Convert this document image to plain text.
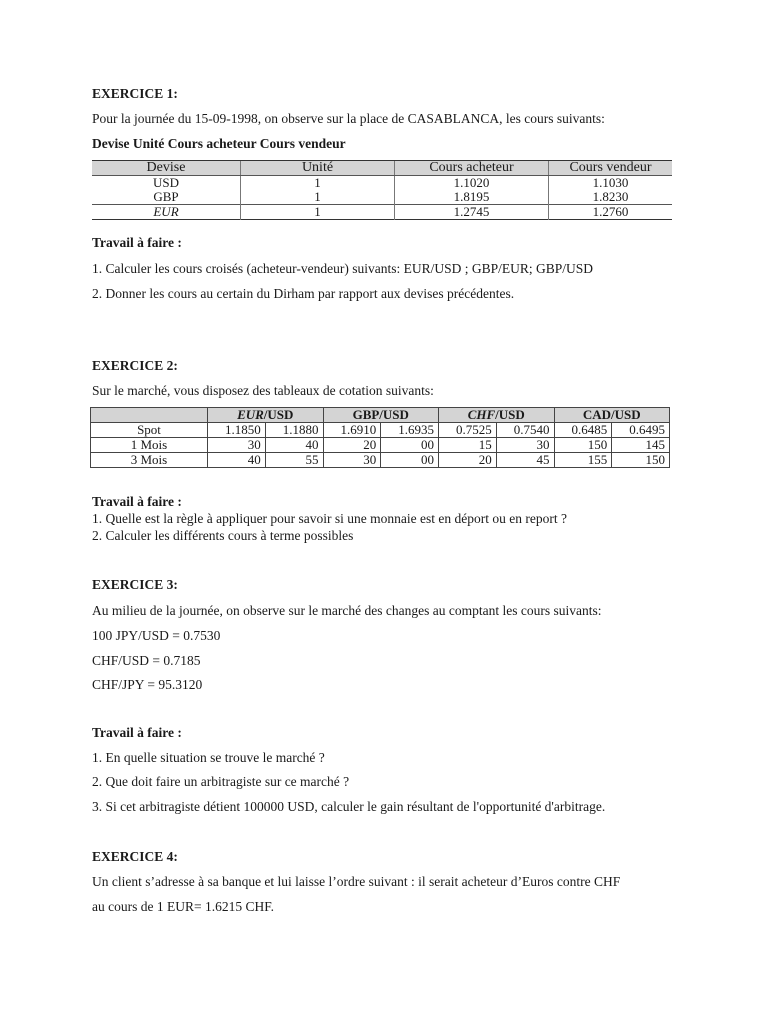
EXERCICE 1:
Pour la journée du 15-09-1998, on observe sur la place de CASABLANCA, les cours suivants:
Devise Unité Cours acheteur Cours vendeur
Devise	Unité	Cours acheteur	Cours vendeur
USD	1	1.1020	1.1030
GBP	1	1.8195	1.8230
EUR	1	1.2745	1.2760
Travail à faire :
1. Calculer les cours croisés (acheteur-vendeur) suivants: EUR/USD ; GBP/EUR; GBP/USD
2. Donner les cours au certain du Dirham par rapport aux devises précédentes.
EXERCICE 2:
Sur le marché, vous disposez des tableaux de cotation suivants:
	EUR/USD		GBP/USD		CHF/USD		CAD/USD	
Spot	1.1850	1.1880	1.6910	1.6935	0.7525	0.7540	0.6485	0.6495
1 Mois	30	40	20	00	15	30	150	145
3 Mois	40	55	30	00	20	45	155	150
Travail à faire :
1. Quelle est la règle à appliquer pour savoir si une monnaie est en déport ou en report ?
2. Calculer les différents cours à terme possibles
EXERCICE 3:
Au milieu de la journée, on observe sur le marché des changes au comptant les cours suivants:
100 JPY/USD = 0.7530
CHF/USD = 0.7185
CHF/JPY = 95.3120
Travail à faire :
1. En quelle situation se trouve le marché ?
2. Que doit faire un arbitragiste sur ce marché ?
3. Si cet arbitragiste détient 100000 USD, calculer le gain résultant de l'opportunité d'arbitrage.
EXERCICE 4:
Un client s’adresse à sa banque et lui laisse l’ordre suivant : il serait acheteur d’Euros contre CHF
au cours de 1 EUR= 1.6215 CHF.
